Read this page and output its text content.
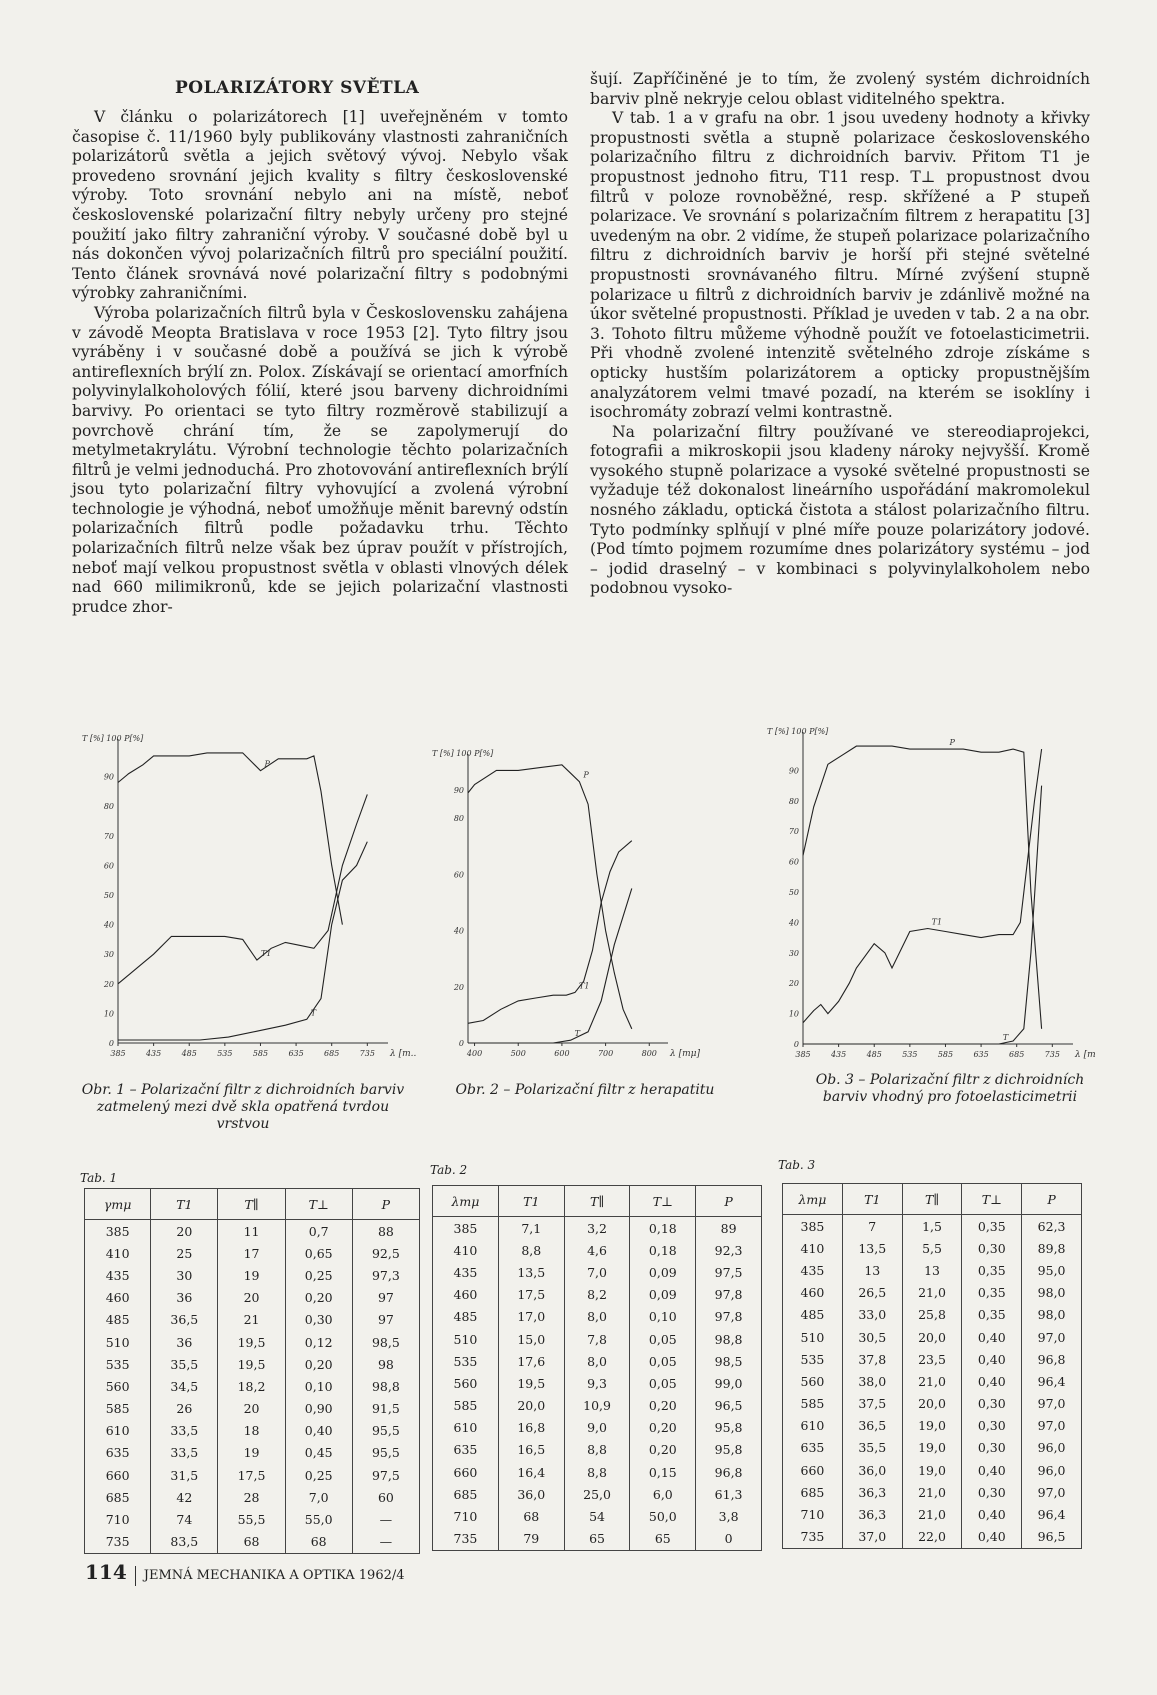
POLARIZÁTORY SVĚTLA

V článku o polarizátorech [1] uveřejněném v tomto časopise č. 11/1960 byly publikovány vlastnosti zahraničních polarizátorů světla a jejich světový vývoj. Nebylo však provedeno srovnání jejich kvality s filtry československé výroby. Toto srovnání nebylo ani na místě, neboť československé polarizační filtry nebyly určeny pro stejné použití jako filtry zahraniční výroby. V současné době byl u nás dokončen vývoj polarizačních filtrů pro speciální použití. Tento článek srovnává nové polarizační filtry s podobnými výrobky zahraničními.

Výroba polarizačních filtrů byla v Československu zahájena v závodě Meopta Bratislava v roce 1953 [2]. Tyto filtry jsou vyráběny i v současné době a používá se jich k výrobě antireflexních brýlí zn. Polox. Získávají se orientací amorfních polyvinylalkoholových fólií, které jsou barveny dichroidními barvivy. Po orientaci se tyto filtry rozměrově stabilizují a povrchově chrání tím, že se zapolymerují do metylmetakrylátu. Výrobní technologie těchto polarizačních filtrů je velmi jednoduchá. Pro zhotovování antireflexních brýlí jsou tyto polarizační filtry vyhovující a zvolená výrobní technologie je výhodná, neboť umožňuje měnit barevný odstín polarizačních filtrů podle požadavku trhu. Těchto polarizačních filtrů nelze však bez úprav použít v přístrojích, neboť mají velkou propustnost světla v oblasti vlnových délek nad 660 milimikronů, kde se jejich polarizační vlastnosti prudce zhor-

šují. Zapříčiněné je to tím, že zvolený systém dichroidních barviv plně nekryje celou oblast viditelného spektra.

V tab. 1 a v grafu na obr. 1 jsou uvedeny hodnoty a křivky propustnosti světla a stupně polarizace československého polarizačního filtru z dichroidních barviv. Přitom T1 je propustnost jednoho fitru, T11 resp. T⊥ propustnost dvou filtrů v poloze rovnoběžné, resp. skřížené a P stupeň polarizace. Ve srovnání s polarizačním filtrem z herapatitu [3] uvedeným na obr. 2 vidíme, že stupeň polarizace polarizačního filtru z dichroidních barviv je horší při stejné světelné propustnosti srovnávaného filtru. Mírné zvýšení stupně polarizace u filtrů z dichroidních barviv je zdánlivě možné na úkor světelné propustnosti. Příklad je uveden v tab. 2 a na obr. 3. Tohoto filtru můžeme výhodně použít ve fotoelasticimetrii. Při vhodně zvolené intenzitě světelného zdroje získáme s opticky hustším polarizátorem a opticky propustnějším analyzátorem velmi tmavé pozadí, na kterém se isoklíny i isochromáty zobrazí velmi kontrastně.

Na polarizační filtry používané ve stereodiaprojekci, fotografii a mikroskopii jsou kladeny nároky nejvyšší. Kromě vysokého stupně polarizace a vysoké světelné propustnosti se vyžaduje též dokonalost lineárního uspořádání makromolekul nosného základu, optická čistota a stálost polarizačního filtru. Tyto podmínky splňují v plné míře pouze polarizátory jodové. (Pod tímto pojmem rozumíme dnes polarizátory systému – jod – jodid draselný – v kombinaci s polyvinylalkoholem nebo podobnou vysoko-

T [%] 100 P[%]
0
10
20
30
40
50
60
70
80
90
385	435	485	535	585	635	685	735 λ [m..
P
T1
T
T [%] 100 P[%]
0
20
40
60
80
90
400	500	600	700	800 λ [mμ]
P
T1
T
T [%] 100 P[%]
0
10
20
30
40
50
60
70
80
90
385	435	485	535	585	635	685	735 λ [m
P
T1
T
Obr. 1 – Polarizační filtr z dichroidních barviv zatmelený mezi dvě skla opatřená tvrdou vrstvou
Obr. 2 – Polarizační filtr z herapatitu
Ob. 3 – Polarizační filtr z dichroidních barviv vhodný pro fotoelasticimetrii
Tab. 1
γmμ	T1	T∥	T⊥	P
385	20	11	0,7	88
410	25	17	0,65	92,5
435	30	19	0,25	97,3
460	36	20	0,20	97
485	36,5	21	0,30	97
510	36	19,5	0,12	98,5
535	35,5	19,5	0,20	98
560	34,5	18,2	0,10	98,8
585	26	20	0,90	91,5
610	33,5	18	0,40	95,5
635	33,5	19	0,45	95,5
660	31,5	17,5	0,25	97,5
685	42	28	7,0	60
710	74	55,5	55,0	—
735	83,5	68	68	—
Tab. 2
λmμ	T1	T∥	T⊥	P
385	7,1	3,2	0,18	89
410	8,8	4,6	0,18	92,3
435	13,5	7,0	0,09	97,5
460	17,5	8,2	0,09	97,8
485	17,0	8,0	0,10	97,8
510	15,0	7,8	0,05	98,8
535	17,6	8,0	0,05	98,5
560	19,5	9,3	0,05	99,0
585	20,0	10,9	0,20	96,5
610	16,8	9,0	0,20	95,8
635	16,5	8,8	0,20	95,8
660	16,4	8,8	0,15	96,8
685	36,0	25,0	6,0	61,3
710	68	54	50,0	3,8
735	79	65	65	0
Tab. 3
λmμ	T1	T∥	T⊥	P
385	7	1,5	0,35	62,3
410	13,5	5,5	0,30	89,8
435	13	13	0,35	95,0
460	26,5	21,0	0,35	98,0
485	33,0	25,8	0,35	98,0
510	30,5	20,0	0,40	97,0
535	37,8	23,5	0,40	96,8
560	38,0	21,0	0,40	96,4
585	37,5	20,0	0,30	97,0
610	36,5	19,0	0,30	97,0
635	35,5	19,0	0,30	96,0
660	36,0	19,0	0,40	96,0
685	36,3	21,0	0,30	97,0
710	36,3	21,0	0,40	96,4
735	37,0	22,0	0,40	96,5
114 JEMNÁ MECHANIKA A OPTIKA 1962/4
